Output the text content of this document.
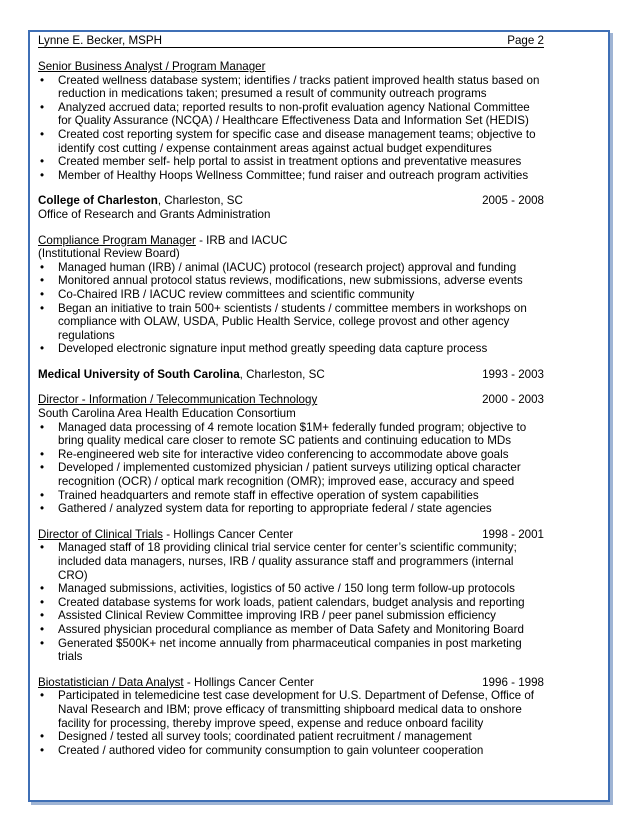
Lynne E. Becker, MSPH	Page 2
Senior Business Analyst / Program Manager
• Created wellness database system; identifies / tracks patient improved health status based on reduction in medications taken; presumed a result of community outreach programs
• Analyzed accrued data; reported results to non-profit evaluation agency National Committee for Quality Assurance (NCQA) / Healthcare Effectiveness Data and Information Set (HEDIS)
• Created cost reporting system for specific case and disease management teams; objective to identify cost cutting / expense containment areas against actual budget expenditures
• Created member self- help portal to assist in treatment options and preventative measures
• Member of Healthy Hoops Wellness Committee; fund raiser and outreach program activities
College of Charleston, Charleston, SC	2005 - 2008
Office of Research and Grants Administration
Compliance Program Manager - IRB and IACUC
(Institutional Review Board)
• Managed human (IRB) / animal (IACUC) protocol (research project) approval and funding
• Monitored annual protocol status reviews, modifications, new submissions, adverse events
• Co-Chaired IRB / IACUC review committees and scientific community
• Began an initiative to train 500+ scientists / students / committee members in workshops on compliance with OLAW, USDA, Public Health Service, college provost and other agency regulations
• Developed electronic signature input method greatly speeding data capture process
Medical University of South Carolina, Charleston, SC	1993 - 2003
Director - Information / Telecommunication Technology	2000 - 2003
South Carolina Area Health Education Consortium
• Managed data processing of 4 remote location $1M+ federally funded program; objective to bring quality medical care closer to remote SC patients and continuing education to MDs
• Re-engineered web site for interactive video conferencing to accommodate above goals
• Developed / implemented customized physician / patient surveys utilizing optical character recognition (OCR) / optical mark recognition (OMR); improved ease, accuracy and speed
• Trained headquarters and remote staff in effective operation of system capabilities
• Gathered / analyzed system data for reporting to appropriate federal / state agencies
Director of Clinical Trials - Hollings Cancer Center	1998 - 2001
• Managed staff of 18 providing clinical trial service center for center’s scientific community; included data managers, nurses, IRB / quality assurance staff and programmers (internal CRO)
• Managed submissions, activities, logistics of 50 active / 150 long term follow-up protocols
• Created database systems for work loads, patient calendars, budget analysis and reporting
• Assisted Clinical Review Committee improving IRB / peer panel submission efficiency
• Assured physician procedural compliance as member of Data Safety and Monitoring Board
• Generated $500K+ net income annually from pharmaceutical companies in post marketing trials
Biostatistician / Data Analyst - Hollings Cancer Center	1996 - 1998
• Participated in telemedicine test case development for U.S. Department of Defense, Office of Naval Research and IBM; prove efficacy of transmitting shipboard medical data to onshore facility for processing, thereby improve speed, expense and reduce onboard facility
• Designed / tested all survey tools; coordinated patient recruitment / management
• Created / authored video for community consumption to gain volunteer cooperation
